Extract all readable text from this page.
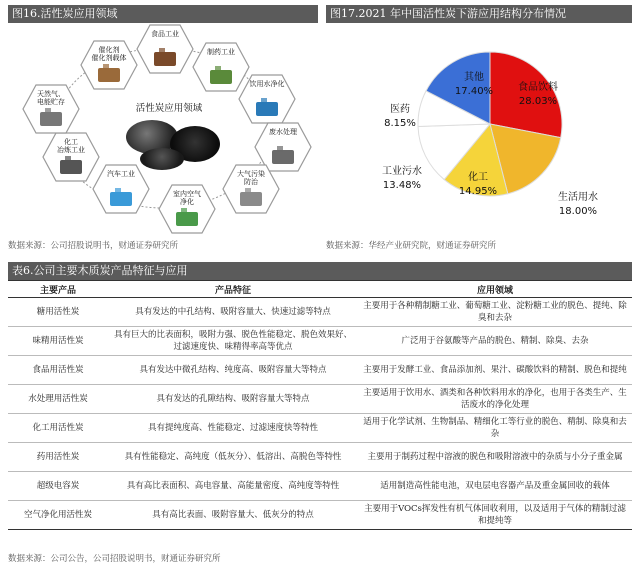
图16.活性炭应用领域
活性炭应用领域
食品工业
制药工业
饮用水净化
废水处理
大气污染
防治
室内空气
净化
汽车工业
化工
冶炼工业
天然气、
电能贮存
催化剂
催化剂载体
数据来源：公司招股说明书，财通证券研究所
图17.2021 年中国活性炭下游应用结构分布情况
食品饮料
28.03%
生活用水
18.00%
化工
14.95%
工业污水
13.48%
医药
8.15%
其他
17.40%
数据来源：华经产业研究院，财通证券研究所
表6.公司主要木质炭产品特征与应用
主要产品	产品特征	应用领域
糖用活性炭	具有发达的中孔结构、吸附容量大、快速过滤等特点	主要用于各种精制糖工业、葡萄糖工业、淀粉糖工业的脱色、提纯、除臭和去杂
味精用活性炭	具有巨大的比表面积，吸附力强、脱色性能稳定、脱色效果好、过滤速度快、味精得率高等优点	广泛用于谷氨酸等产品的脱色、精制、除臭、去杂
食品用活性炭	具有发达中微孔结构、纯度高、吸附容量大等特点	主要用于发酵工业、食品添加剂、果汁、碳酸饮料的精制、脱色和提纯
水处理用活性炭	具有发达的孔隙结构、吸附容量大等特点	主要适用于饮用水、酒类和各种饮料用水的净化，也用于各类生产、生活废水的净化处理
化工用活性炭	具有提纯度高、性能稳定、过滤速度快等特性	适用于化学试剂、生物制品、精细化工等行业的脱色、精制、除臭和去杂
药用活性炭	具有性能稳定、高纯度（低灰分）、低溶出、高脱色等特性	主要用于制药过程中溶液的脱色和吸附溶液中的杂质与小分子重金属
超级电容炭	具有高比表面积、高电容量、高能量密度、高纯度等特性	适用制造高性能电池，双电层电容器产品及重金属回收的载体
空气净化用活性炭	具有高比表面、吸附容量大、低灰分的特点	主要用于VOCs挥发性有机气体回收利用，以及适用于气体的精制过滤和提纯等
数据来源：公司公告，公司招股说明书，财通证券研究所
